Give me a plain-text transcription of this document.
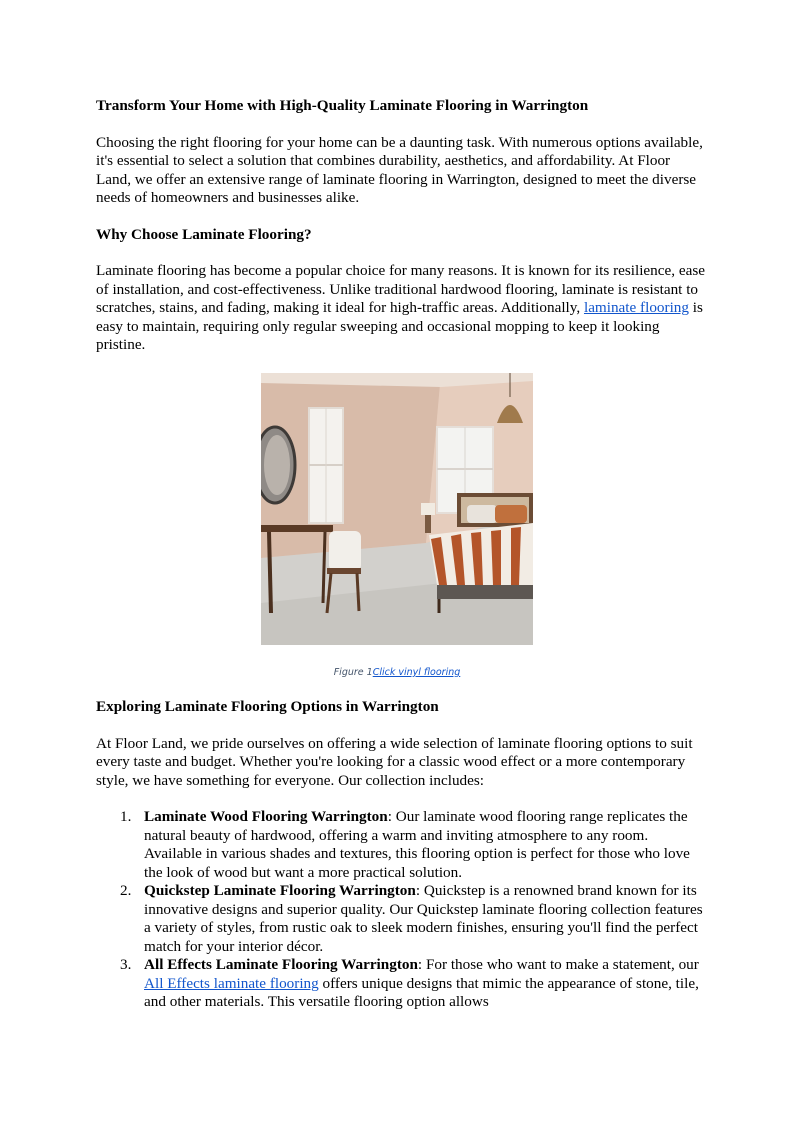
Transform Your Home with High-Quality Laminate Flooring in Warrington

Choosing the right flooring for your home can be a daunting task. With numerous options available, it's essential to select a solution that combines durability, aesthetics, and affordability. At Floor Land, we offer an extensive range of laminate flooring in Warrington, designed to meet the diverse needs of homeowners and businesses alike.

Why Choose Laminate Flooring?

Laminate flooring has become a popular choice for many reasons. It is known for its resilience, ease of installation, and cost-effectiveness. Unlike traditional hardwood flooring, laminate is resistant to scratches, stains, and fading, making it ideal for high-traffic areas. Additionally, laminate flooring is easy to maintain, requiring only regular sweeping and occasional mopping to keep it looking pristine.

Figure 1Click vinyl flooring
Exploring Laminate Flooring Options in Warrington

At Floor Land, we pride ourselves on offering a wide selection of laminate flooring options to suit every taste and budget. Whether you're looking for a classic wood effect or a more contemporary style, we have something for everyone. Our collection includes:

1. Laminate Wood Flooring Warrington: Our laminate wood flooring range replicates the natural beauty of hardwood, offering a warm and inviting atmosphere to any room. Available in various shades and textures, this flooring option is perfect for those who love the look of wood but want a more practical solution.
2. Quickstep Laminate Flooring Warrington: Quickstep is a renowned brand known for its innovative designs and superior quality. Our Quickstep laminate flooring collection features a variety of styles, from rustic oak to sleek modern finishes, ensuring you'll find the perfect match for your interior décor.
3. All Effects Laminate Flooring Warrington: For those who want to make a statement, our All Effects laminate flooring offers unique designs that mimic the appearance of stone, tile, and other materials. This versatile flooring option allows
